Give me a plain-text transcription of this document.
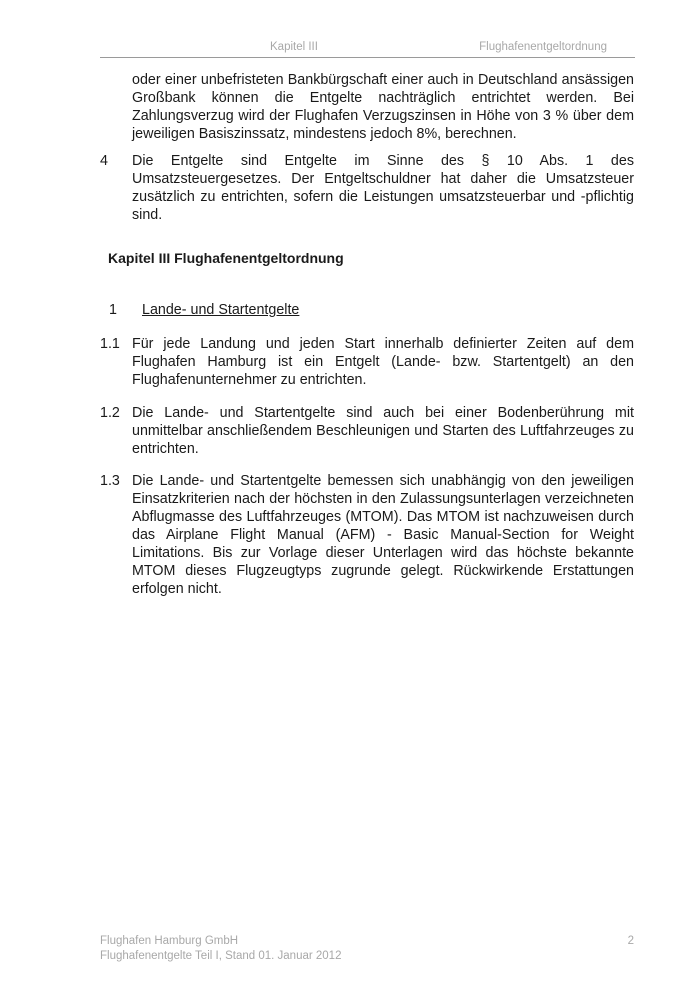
Kapitel III	Flughafenentgeltordnung

oder einer unbefristeten Bankbürgschaft einer auch in Deutschland ansässigen Großbank können die Entgelte nachträglich entrichtet werden. Bei Zahlungsverzug wird der Flughafen Verzugszinsen in Höhe von 3 % über dem jeweiligen Basiszinssatz, mindestens jedoch 8%, berechnen.

4 Die Entgelte sind Entgelte im Sinne des § 10 Abs. 1 des Umsatzsteuergesetzes. Der Entgeltschuldner hat daher die Umsatzsteuer zusätzlich zu entrichten, sofern die Leistungen umsatzsteuerbar und -pflichtig sind.

Kapitel III Flughafenentgeltordnung
1 Lande- und Startentgelte
1.1 Für jede Landung und jeden Start innerhalb definierter Zeiten auf dem Flughafen Hamburg ist ein Entgelt (Lande- bzw. Startentgelt) an den Flughafenunternehmer zu entrichten.

1.2 Die Lande- und Startentgelte sind auch bei einer Bodenberührung mit unmittelbar anschließendem Beschleunigen und Starten des Luftfahrzeuges zu entrichten.

1.3 Die Lande- und Startentgelte bemessen sich unabhängig von den jeweiligen Einsatzkriterien nach der höchsten in den Zulassungsunterlagen verzeichneten Abflugmasse des Luftfahrzeuges (MTOM). Das MTOM ist nachzuweisen durch das Airplane Flight Manual (AFM) - Basic Manual-Section for Weight Limitations. Bis zur Vorlage dieser Unterlagen wird das höchste bekannte MTOM dieses Flugzeugtyps zugrunde gelegt. Rückwirkende Erstattungen erfolgen nicht.

Flughafen Hamburg GmbH
Flughafenentgelte Teil I, Stand 01. Januar 2012
2
